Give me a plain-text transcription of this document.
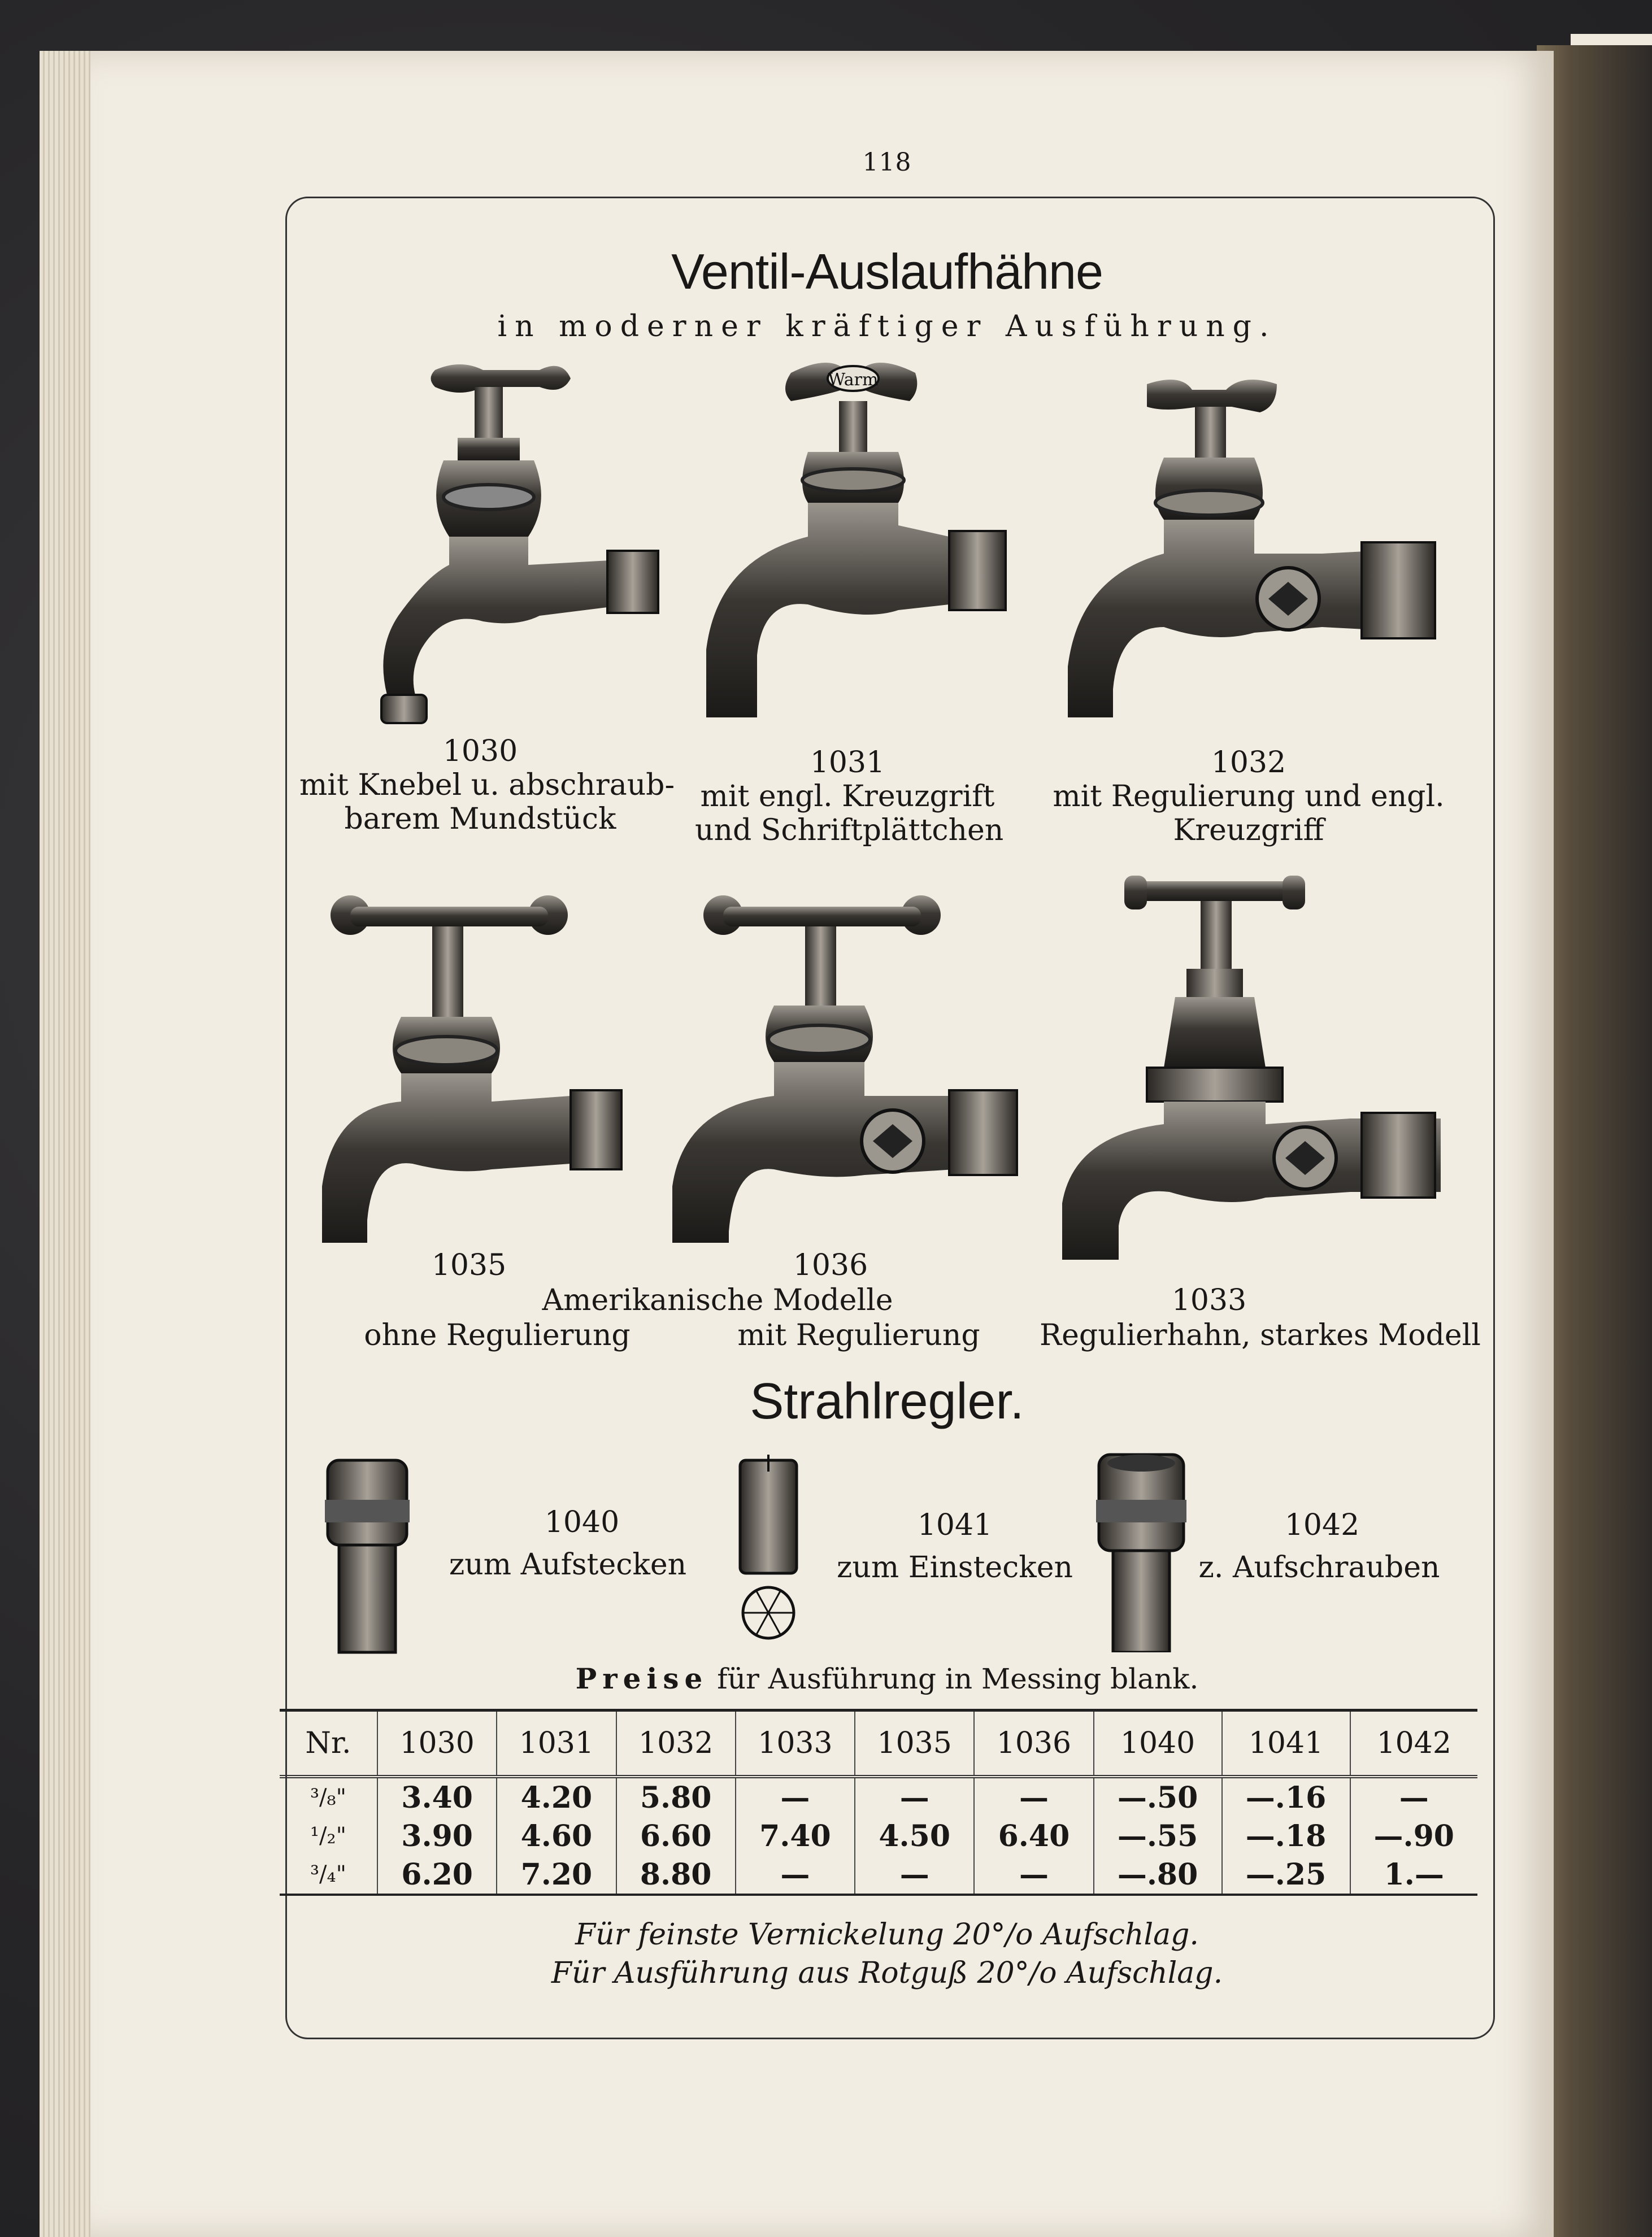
118
Ventil-Auslaufhähne
in moderner kräftiger Ausführung.
Warm
1030
mit Knebel u. abschraub-
barem Mundstück
1031
mit engl. Kreuzgrift
und Schriftplättchen
1032
mit Regulierung und engl.
Kreuzgriff
1035	1036
Amerikanische Modelle
ohne Regulierung	mit Regulierung
1033
Regulierhahn, starkes Modell
Strahlregler.
1040
zum Aufstecken
1041
zum Einstecken
1042
z. Aufschrauben
Preise für Ausführung in Messing blank.
Nr.	1030	1031	1032	1033	1035	1036	1040	1041	1042
³/₈"	3.40	4.20	5.80	—	—	—	—.50	—.16	—
¹/₂"	3.90	4.60	6.60	7.40	4.50	6.40	—.55	—.18	—.90
³/₄"	6.20	7.20	8.80	—	—	—	—.80	—.25	1.—
Für feinste Vernickelung 20°/o Aufschlag.
Für Ausführung aus Rotguß 20°/o Aufschlag.
